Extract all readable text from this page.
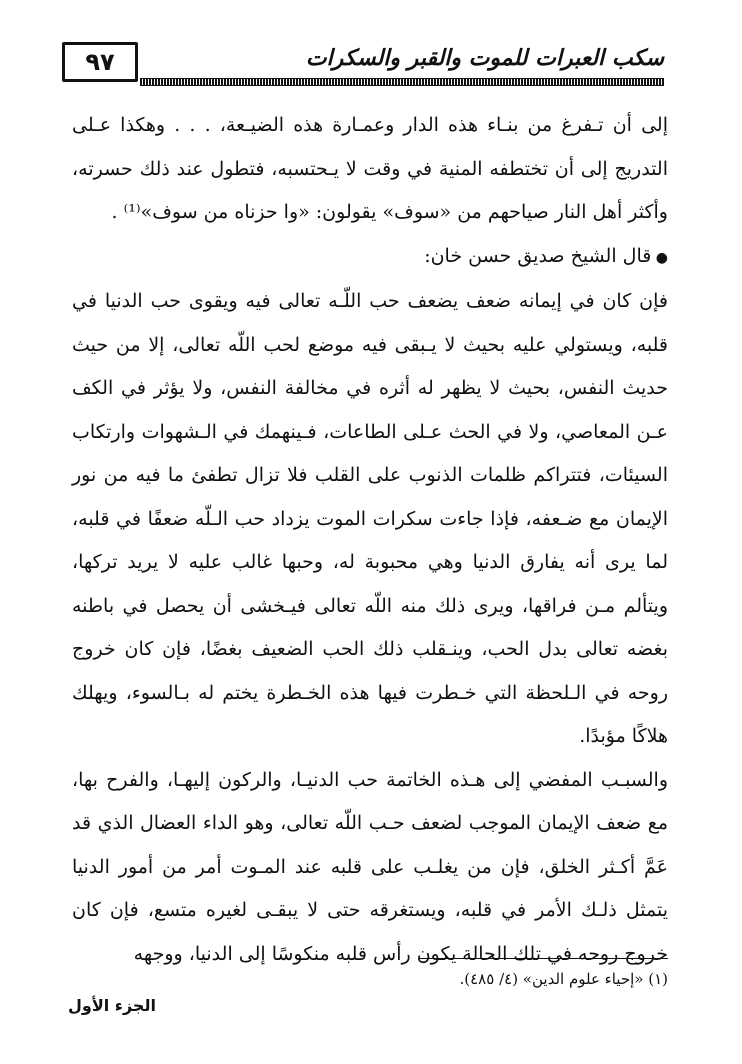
٩٧	سكب العبرات للموت والقبر والسكرات

إلى أن تـفرغ من بنـاء هذه الدار وعمـارة هذه الضيـعة، . . . وهكذا عـلى التدريج إلى أن تختطفه المنية في وقت لا يـحتسبه، فتطول عند ذلك حسرته، وأكثر أهل النار صياحهم من «سوف» يقولون: «وا حزناه من سوف»⁽¹⁾ .

● قال الشيخ صديق حسن خان:

فإن كان في إيمانه ضعف يضعف حب اللّـه تعالى فيه ويقوى حب الدنيا في قلبه، ويستولي عليه بحيث لا يـبقى فيه موضع لحب اللّه تعالى، إلا من حيث حديث النفس، بحيث لا يظهر له أثره في مخالفة النفس، ولا يؤثر في الكف عـن المعاصي، ولا في الحث عـلى الطاعات، فـينهمك في الـشهوات وارتكاب السيئات، فتتراكم ظلمات الذنوب على القلب فلا تزال تطفئ ما فيه من نور الإيمان مع ضـعفه، فإذا جاءت سكرات الموت يزداد حب الـلّه ضعفًا في قلبه، لما يرى أنه يفارق الدنيا وهي محبوبة له، وحبها غالب عليه لا يريد تركها، ويتألم مـن فراقها، ويرى ذلك منه اللّه تعالى فيـخشى أن يحصل في باطنه بغضه تعالى بدل الحب، وينـقلب ذلك الحب الضعيف بغضًا، فإن كان خروج روحه في الـلحظة التي خـطرت فيها هذه الخـطرة يختم له بـالسوء، ويهلك هلاكًا مؤبدًا.

والسبـب المفضي إلى هـذه الخاتمة حب الدنيـا، والركون إليهـا، والفرح بها، مع ضعف الإيمان الموجب لضعف حـب اللّه تعالى، وهو الداء العضال الذي قد عَمَّ أكـثر الخلق، فإن من يغلـب على قلبه عند المـوت أمر من أمور الدنيا يتمثل ذلـك الأمر في قلبه، ويستغرقه حتى لا يبقـى لغيره متسع، فإن كان خروج روحه في تلك الحالة يكون رأس قلبه منكوسًا إلى الدنيا، ووجهه

(١) «إحياء علوم الدين» (٤/ ٤٨٥).
الجزء الأول
